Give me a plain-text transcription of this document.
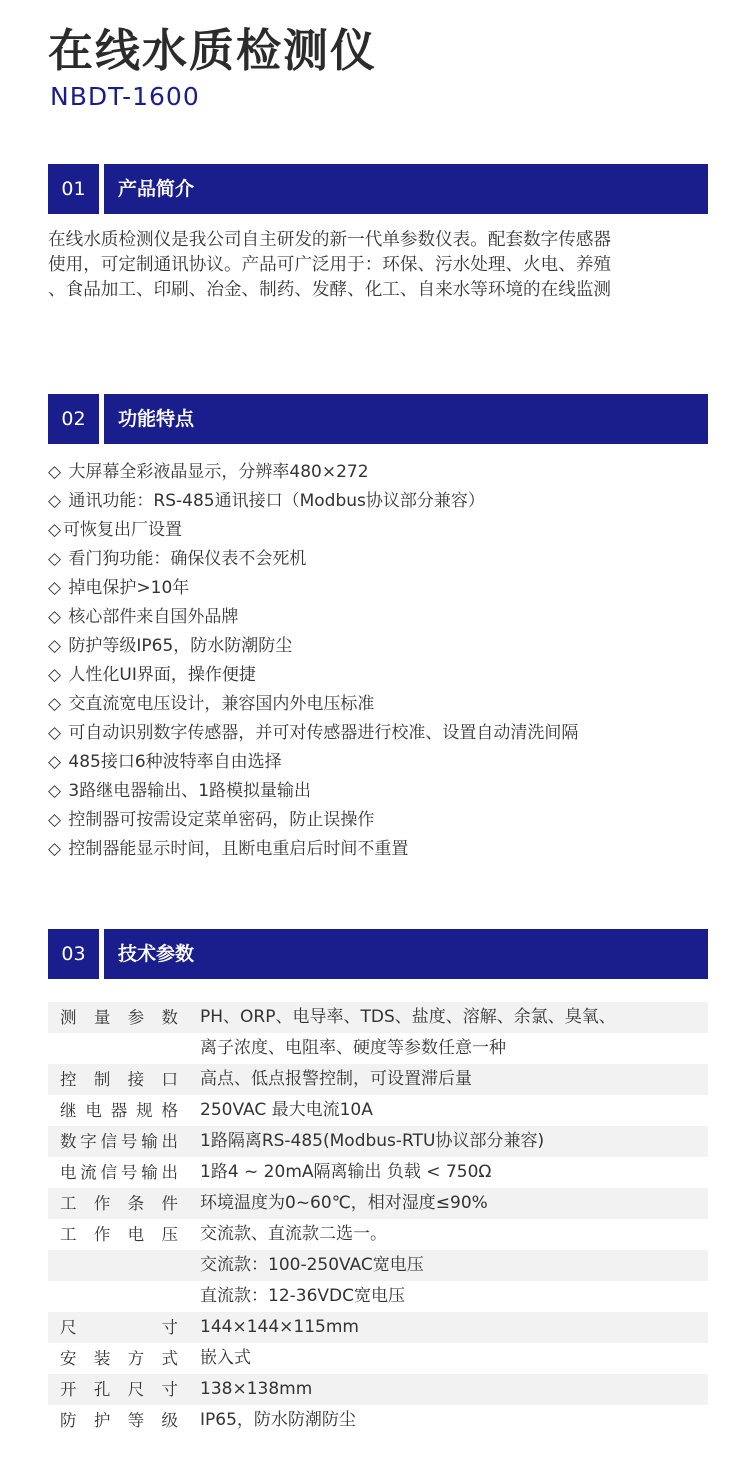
在线水质检测仪
NBDT-1600
01	产品简介
在线水质检测仪是我公司自主研发的新一代单参数仪表。配套数字传感器
使用，可定制通讯协议。产品可广泛用于：环保、污水处理、火电、养殖
、食品加工、印刷、冶金、制药、发酵、化工、自来水等环境的在线监测
02	功能特点
◇ 大屏幕全彩液晶显示，分辨率480×272
◇ 通讯功能：RS-485通讯接口（Modbus协议部分兼容）
◇ 可恢复出厂设置
◇ 看门狗功能：确保仪表不会死机
◇ 掉电保护>10年
◇ 核心部件来自国外品牌
◇ 防护等级IP65，防水防潮防尘
◇ 人性化UI界面，操作便捷
◇ 交直流宽电压设计，兼容国内外电压标准
◇ 可自动识别数字传感器，并可对传感器进行校准、设置自动清洗间隔
◇ 485接口6种波特率自由选择
◇ 3路继电器输出、1路模拟量输出
◇ 控制器可按需设定菜单密码，防止误操作
◇ 控制器能显示时间，且断电重启后时间不重置
03	技术参数
测量参数 PH、ORP、电导率、TDS、盐度、溶解、余氯、臭氧、
离子浓度、电阻率、硬度等参数任意一种
控制接口 高点、低点报警控制，可设置滞后量
继电器规格 250VAC 最大电流10A
数字信号输出 1路隔离RS-485(Modbus-RTU协议部分兼容)
电流信号输出 1路4 ~ 20mA隔离输出 负载 < 750Ω
工作条件 环境温度为0~60℃，相对湿度≤90%
工作电压 交流款、直流款二选一。
交流款：100-250VAC宽电压
直流款：12-36VDC宽电压
尺寸 144×144×115mm
安装方式 嵌入式
开孔尺寸 138×138mm
防护等级 IP65，防水防潮防尘
